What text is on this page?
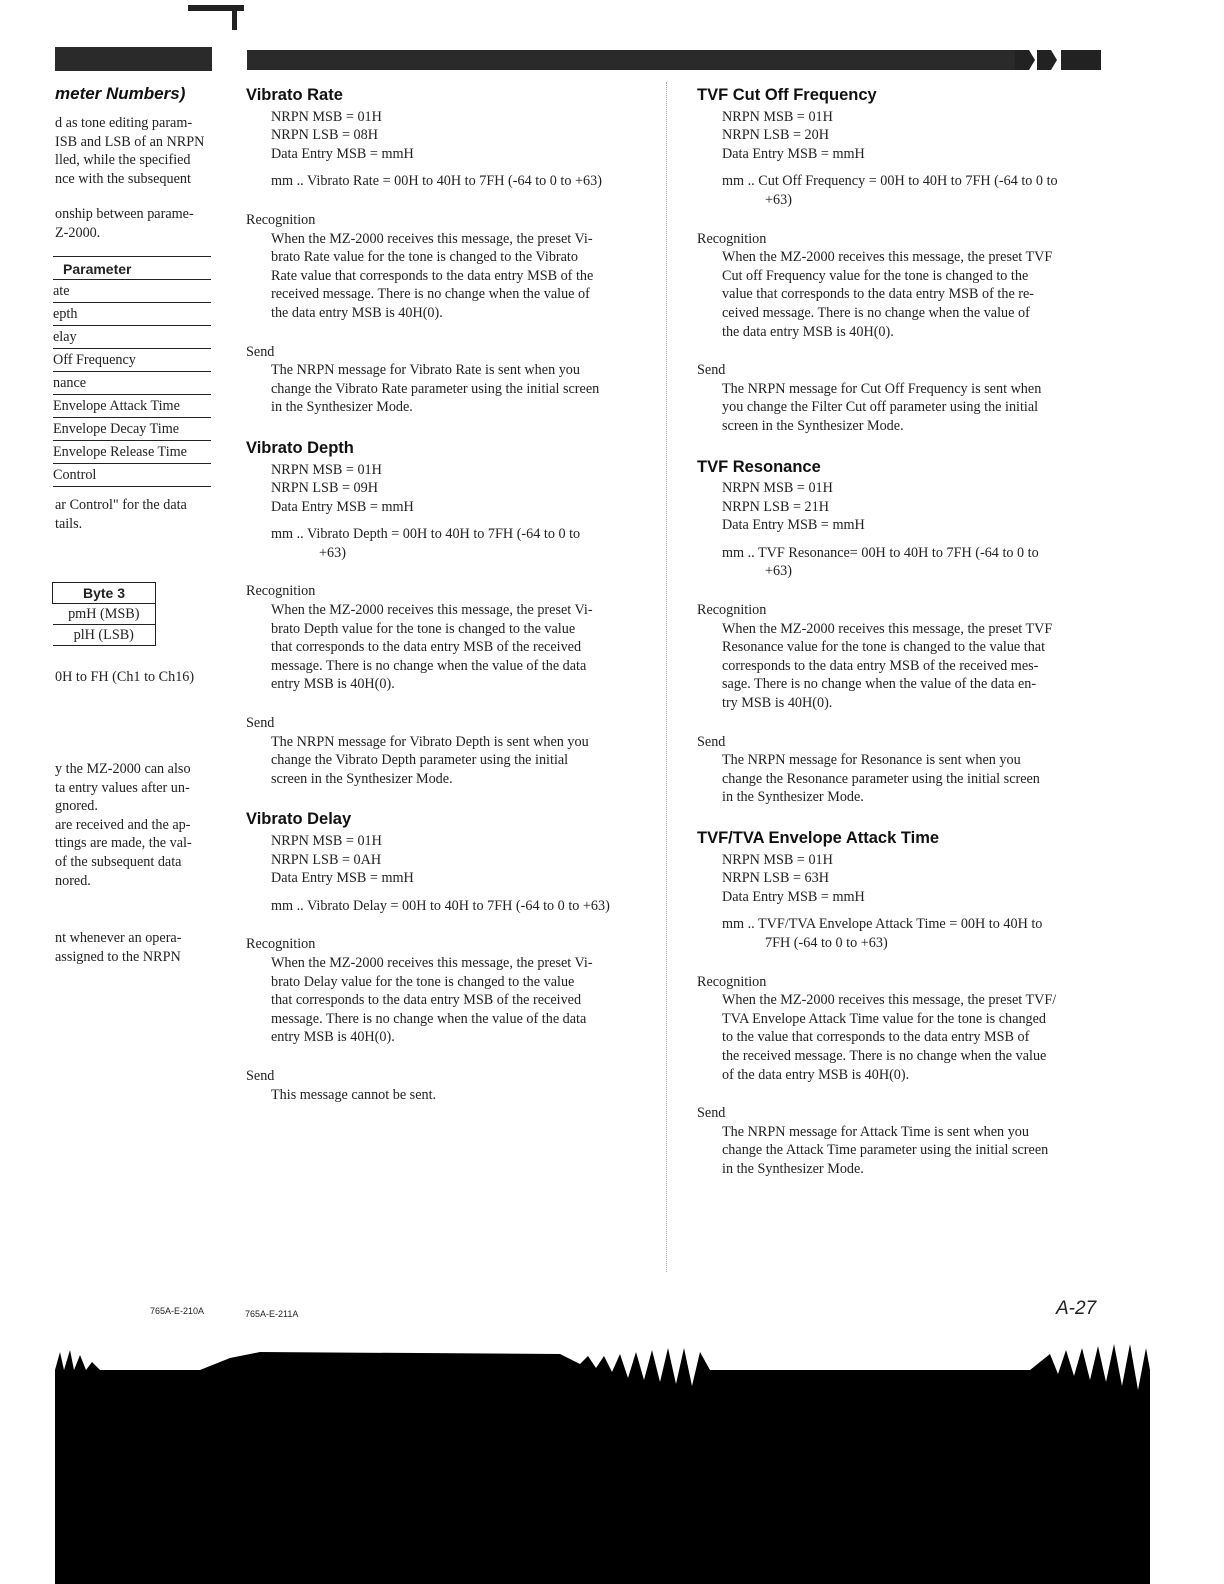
meter Numbers)
d as tone editing param-
ISB and LSB of an NRPN
lled, while the specified
nce with the subsequent
onship between parame-
Z-2000.
Parameter
ate
epth
elay
Off Frequency
nance
Envelope Attack Time
Envelope Decay Time
Envelope Release Time
Control
ar Control" for the data
tails.
Byte 3
pmH (MSB)
plH (LSB)
0H to FH (Ch1 to Ch16)
y the MZ-2000 can also
ta entry values after un-
gnored.
are received and the ap-
ttings are made, the val-
of the subsequent data
nored.
nt whenever an opera-
assigned to the NRPN
765A-E-210A
Vibrato Rate

NRPN MSB = 01H

NRPN LSB = 08H

Data Entry MSB = mmH

mm .. Vibrato Rate = 00H to 40H to 7FH (-64 to 0 to +63)

Recognition

When the MZ-2000 receives this message, the preset Vi-

brato Rate value for the tone is changed to the Vibrato

Rate value that corresponds to the data entry MSB of the

received message. There is no change when the value of

the data entry MSB is 40H(0).

Send

The NRPN message for Vibrato Rate is sent when you

change the Vibrato Rate parameter using the initial screen

in the Synthesizer Mode.

Vibrato Depth

NRPN MSB = 01H

NRPN LSB = 09H

Data Entry MSB = mmH

mm .. Vibrato Depth = 00H to 40H to 7FH (-64 to 0 to

+63)

Recognition

When the MZ-2000 receives this message, the preset Vi-

brato Depth value for the tone is changed to the value

that corresponds to the data entry MSB of the received

message. There is no change when the value of the data

entry MSB is 40H(0).

Send

The NRPN message for Vibrato Depth is sent when you

change the Vibrato Depth parameter using the initial

screen in the Synthesizer Mode.

Vibrato Delay

NRPN MSB = 01H

NRPN LSB = 0AH

Data Entry MSB = mmH

mm .. Vibrato Delay = 00H to 40H to 7FH (-64 to 0 to +63)

Recognition

When the MZ-2000 receives this message, the preset Vi-

brato Delay value for the tone is changed to the value

that corresponds to the data entry MSB of the received

message. There is no change when the value of the data

entry MSB is 40H(0).

Send

This message cannot be sent.

765A-E-211A
TVF Cut Off Frequency

NRPN MSB = 01H

NRPN LSB = 20H

Data Entry MSB = mmH

mm .. Cut Off Frequency = 00H to 40H to 7FH (-64 to 0 to

+63)

Recognition

When the MZ-2000 receives this message, the preset TVF

Cut off Frequency value for the tone is changed to the

value that corresponds to the data entry MSB of the re-

ceived message. There is no change when the value of

the data entry MSB is 40H(0).

Send

The NRPN message for Cut Off Frequency is sent when

you change the Filter Cut off parameter using the initial

screen in the Synthesizer Mode.

TVF Resonance

NRPN MSB = 01H

NRPN LSB = 21H

Data Entry MSB = mmH

mm .. TVF Resonance= 00H to 40H to 7FH (-64 to 0 to

+63)

Recognition

When the MZ-2000 receives this message, the preset TVF

Resonance value for the tone is changed to the value that

corresponds to the data entry MSB of the received mes-

sage. There is no change when the value of the data en-

try MSB is 40H(0).

Send

The NRPN message for Resonance is sent when you

change the Resonance parameter using the initial screen

in the Synthesizer Mode.

TVF/TVA Envelope Attack Time

NRPN MSB = 01H

NRPN LSB = 63H

Data Entry MSB = mmH

mm .. TVF/TVA Envelope Attack Time = 00H to 40H to

7FH (-64 to 0 to +63)

Recognition

When the MZ-2000 receives this message, the preset TVF/

TVA Envelope Attack Time value for the tone is changed

to the value that corresponds to the data entry MSB of

the received message. There is no change when the value

of the data entry MSB is 40H(0).

Send

The NRPN message for Attack Time is sent when you

change the Attack Time parameter using the initial screen

in the Synthesizer Mode.

A-27
